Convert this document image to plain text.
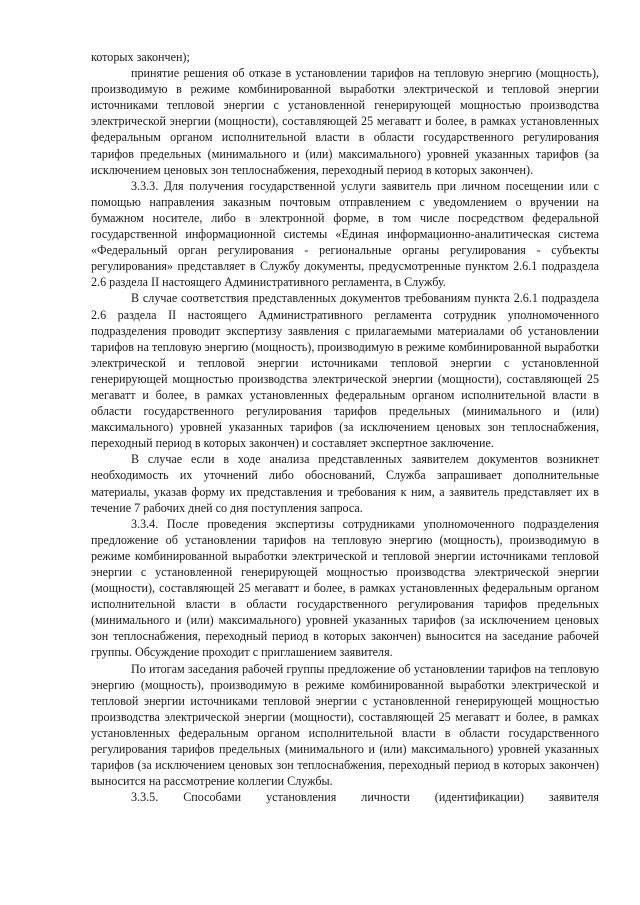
которых закончен);

принятие решения об отказе в установлении тарифов на тепловую энергию (мощность), производимую в режиме комбинированной выработки электрической и тепловой энергии источниками тепловой энергии с установленной генерирующей мощностью производства электрической энергии (мощности), составляющей 25 мегаватт и более, в рамках установленных федеральным органом исполнительной власти в области государственного регулирования тарифов предельных (минимального и (или) максимального) уровней указанных тарифов (за исключением ценовых зон теплоснабжения, переходный период в которых закончен).

3.3.3. Для получения государственной услуги заявитель при личном посещении или с помощью направления заказным почтовым отправлением с уведомлением о вручении на бумажном носителе, либо в электронной форме, в том числе посредством федеральной государственной информационной системы «Единая информационно-аналитическая система «Федеральный орган регулирования - региональные органы регулирования - субъекты регулирования» представляет в Службу документы, предусмотренные пунктом 2.6.1 подраздела 2.6 раздела II настоящего Административного регламента, в Службу.

В случае соответствия представленных документов требованиям пункта 2.6.1 подраздела 2.6 раздела II настоящего Административного регламента сотрудник уполномоченного подразделения проводит экспертизу заявления с прилагаемыми материалами об установлении тарифов на тепловую энергию (мощность), производимую в режиме комбинированной выработки электрической и тепловой энергии источниками тепловой энергии с установленной генерирующей мощностью производства электрической энергии (мощности), составляющей 25 мегаватт и более, в рамках установленных федеральным органом исполнительной власти в области государственного регулирования тарифов предельных (минимального и (или) максимального) уровней указанных тарифов (за исключением ценовых зон теплоснабжения, переходный период в которых закончен) и составляет экспертное заключение.

В случае если в ходе анализа представленных заявителем документов возникнет необходимость их уточнений либо обоснований, Служба запрашивает дополнительные материалы, указав форму их представления и требования к ним, а заявитель представляет их в течение 7 рабочих дней со дня поступления запроса.

3.3.4. После проведения экспертизы сотрудниками уполномоченного подразделения предложение об установлении тарифов на тепловую энергию (мощность), производимую в режиме комбинированной выработки электрической и тепловой энергии источниками тепловой энергии с установленной генерирующей мощностью производства электрической энергии (мощности), составляющей 25 мегаватт и более, в рамках установленных федеральным органом исполнительной власти в области государственного регулирования тарифов предельных (минимального и (или) максимального) уровней указанных тарифов (за исключением ценовых зон теплоснабжения, переходный период в которых закончен) выносится на заседание рабочей группы. Обсуждение проходит с приглашением заявителя.

По итогам заседания рабочей группы предложение об установлении тарифов на тепловую энергию (мощность), производимую в режиме комбинированной выработки электрической и тепловой энергии источниками тепловой энергии с установленной генерирующей мощностью производства электрической энергии (мощности), составляющей 25 мегаватт и более, в рамках установленных федеральным органом исполнительной власти в области государственного регулирования тарифов предельных (минимального и (или) максимального) уровней указанных тарифов (за исключением ценовых зон теплоснабжения, переходный период в которых закончен) выносится на рассмотрение коллегии Службы.

3.3.5. Способами установления личности (идентификации) заявителя
